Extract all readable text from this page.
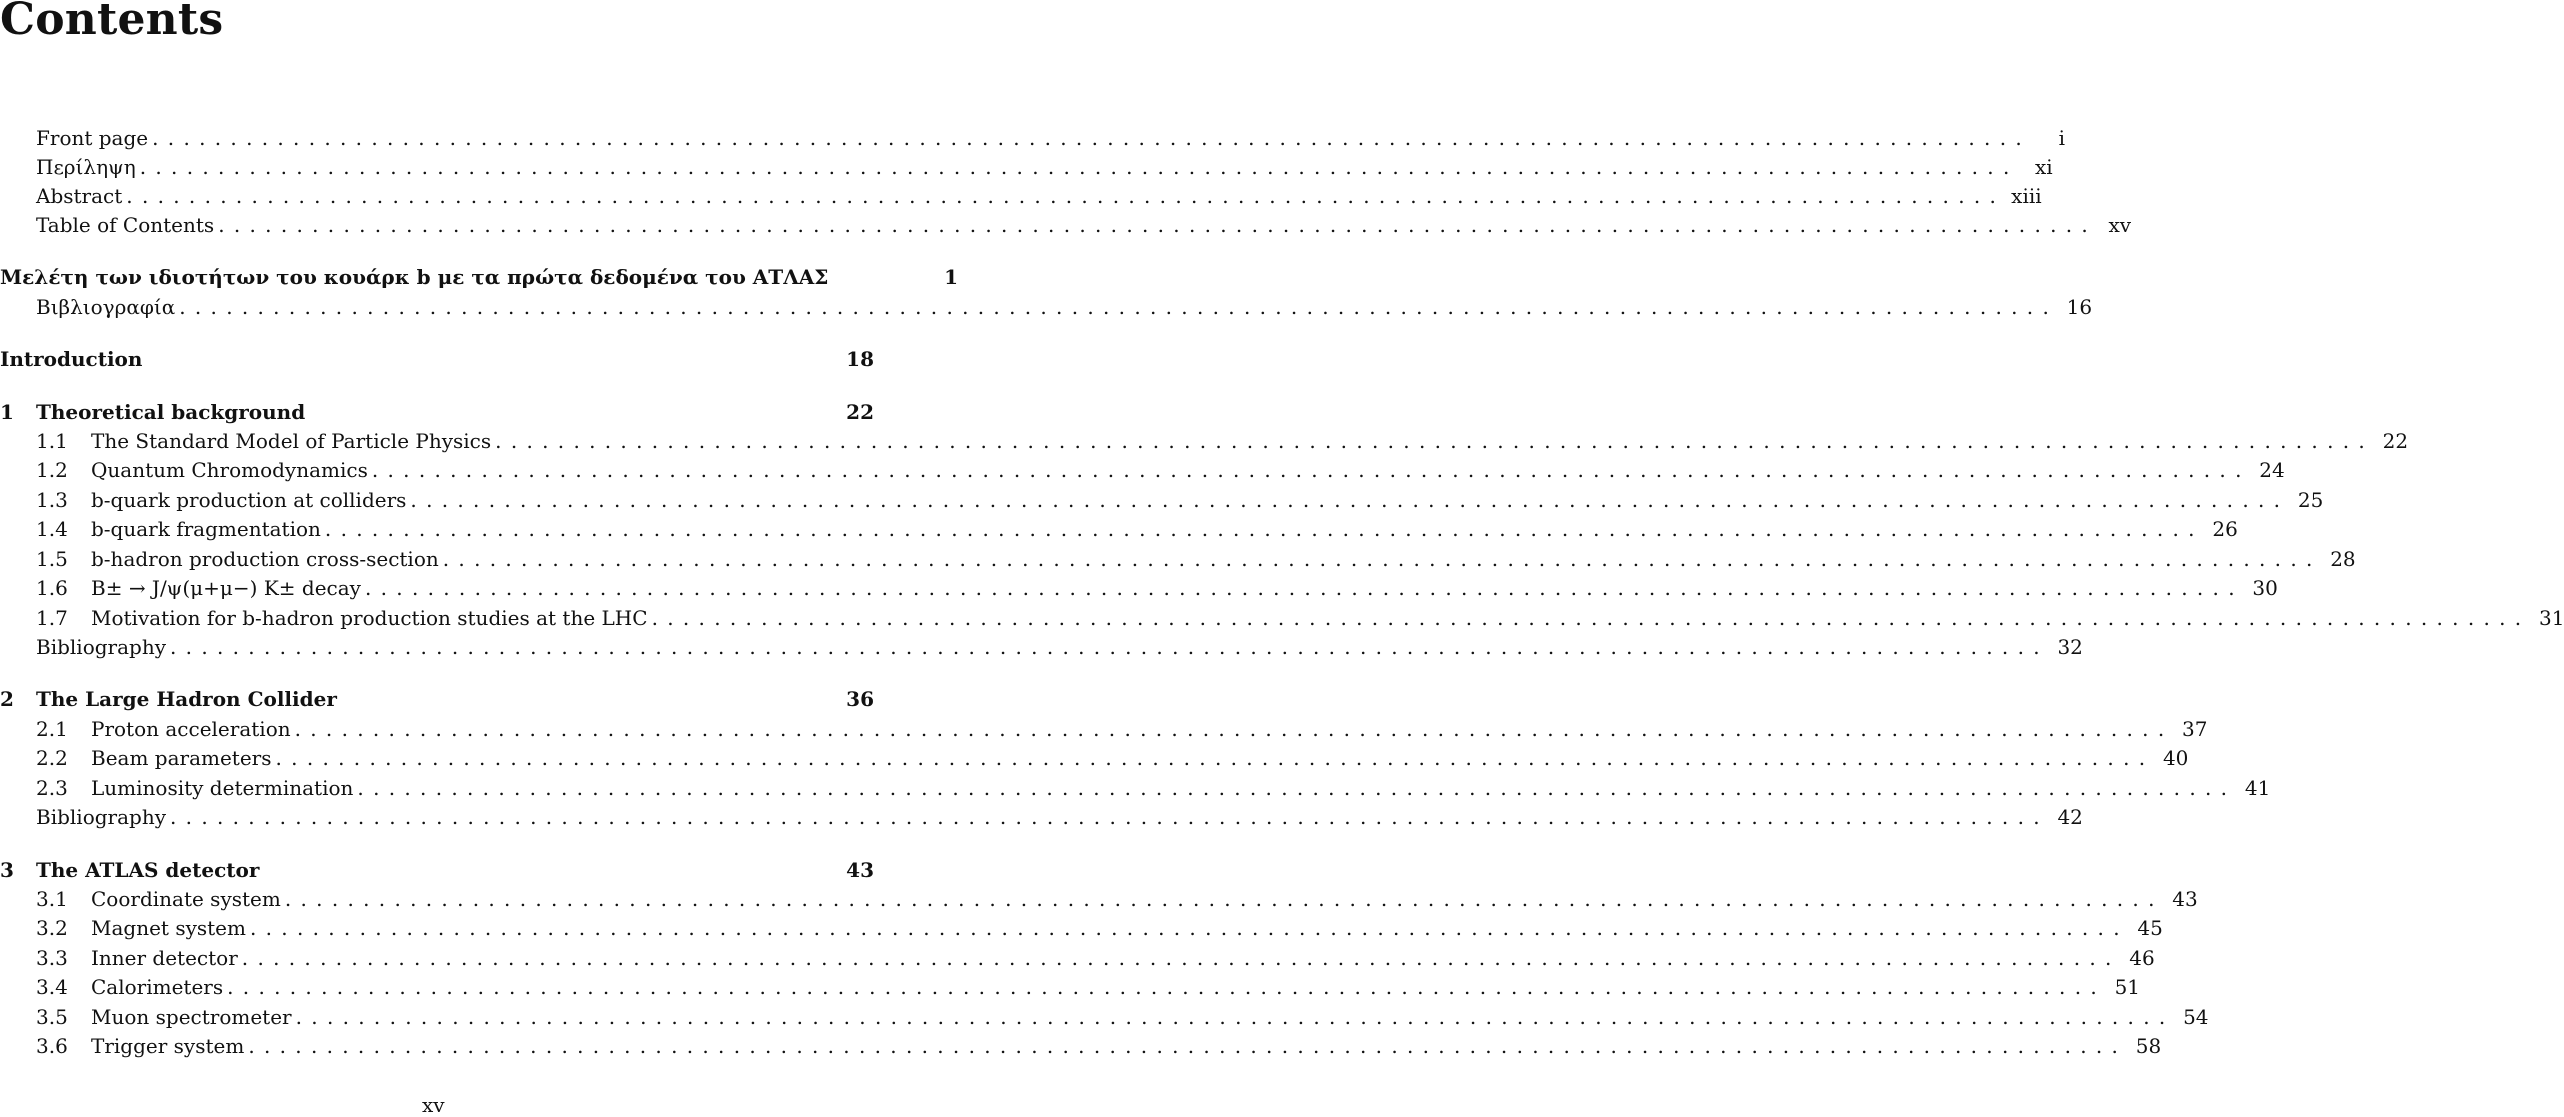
Contents
Front page ........................................................................................................................	i
Περίληψη ........................................................................................................................ xi
Abstract ........................................................................................................................ xiii
Table of Contents ........................................................................................................................ xv
Μελέτη των ιδιοτήτων του κουάρκ b με τα πρώτα δεδομένα του ΑΤΛΑΣ	1
Βιβλιογραφία ........................................................................................................................ 16
Introduction	18
1	Theoretical background	22
1.1	The Standard Model of Particle Physics ........................................................................................................................ 22
1.2	Quantum Chromodynamics ........................................................................................................................ 24
1.3	b-quark production at colliders ........................................................................................................................ 25
1.4	b-quark fragmentation ........................................................................................................................ 26
1.5	b-hadron production cross-section ........................................................................................................................ 28
1.6	B± → J/ψ(μ+μ−) K± decay ........................................................................................................................ 30
1.7	Motivation for b-hadron production studies at the LHC ........................................................................................................................ 31
Bibliography ........................................................................................................................ 32
2	The Large Hadron Collider	36
2.1	Proton acceleration ........................................................................................................................ 37
2.2	Beam parameters ........................................................................................................................ 40
2.3	Luminosity determination ........................................................................................................................ 41
Bibliography ........................................................................................................................ 42
3	The ATLAS detector	43
3.1	Coordinate system ........................................................................................................................ 43
3.2	Magnet system ........................................................................................................................ 45
3.3	Inner detector ........................................................................................................................ 46
3.4	Calorimeters ........................................................................................................................ 51
3.5	Muon spectrometer ........................................................................................................................ 54
3.6	Trigger system ........................................................................................................................ 58
xv
